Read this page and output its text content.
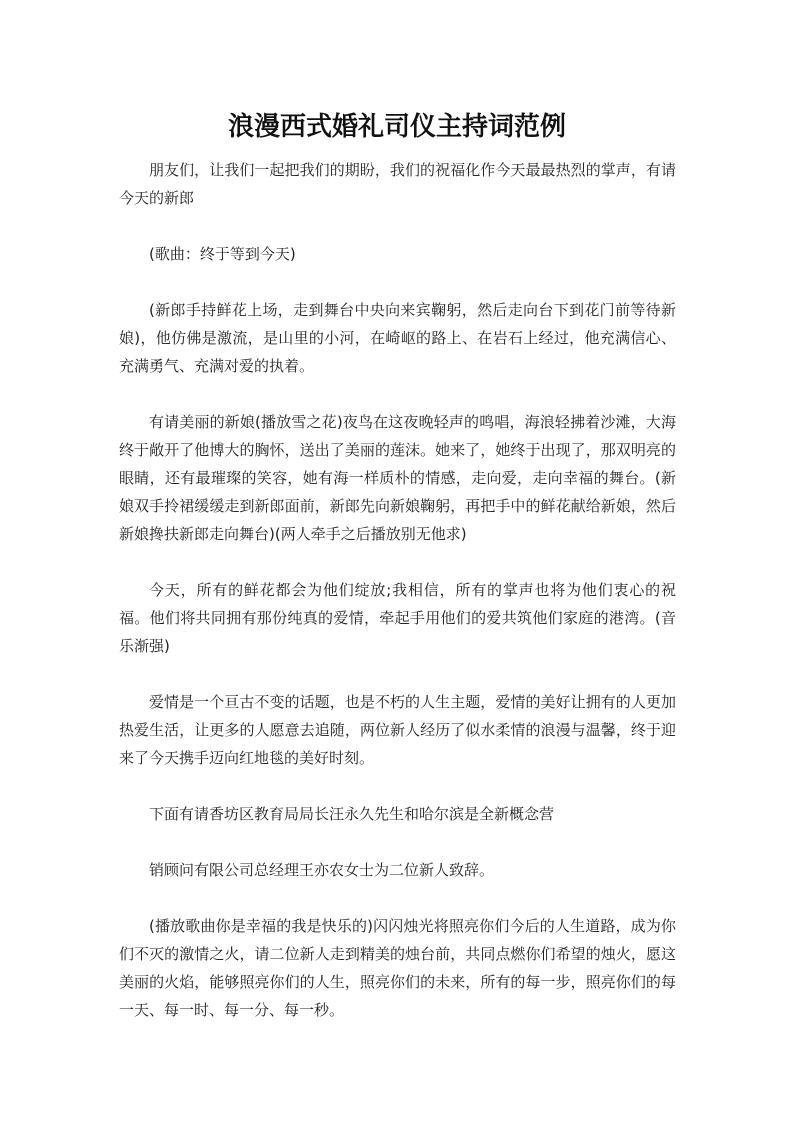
浪漫西式婚礼司仪主持词范例

朋友们，让我们一起把我们的期盼，我们的祝福化作今天最最热烈的掌声，有请今天的新郎

(歌曲：终于等到今天)

(新郎手持鲜花上场，走到舞台中央向来宾鞠躬，然后走向台下到花门前等待新娘)，他仿佛是激流，是山里的小河，在崎岖的路上、在岩石上经过，他充满信心、充满勇气、充满对爱的执着。

有请美丽的新娘(播放雪之花)夜鸟在这夜晚轻声的鸣唱，海浪轻拂着沙滩，大海终于敞开了他博大的胸怀，送出了美丽的莲沫。她来了，她终于出现了，那双明亮的眼睛，还有最璀璨的笑容，她有海一样质朴的情感，走向爱，走向幸福的舞台。(新娘双手拎裙缓缓走到新郎面前，新郎先向新娘鞠躬，再把手中的鲜花献给新娘，然后新娘搀扶新郎走向舞台)(两人牵手之后播放别无他求)

今天，所有的鲜花都会为他们绽放;我相信，所有的掌声也将为他们衷心的祝福。他们将共同拥有那份纯真的爱情，牵起手用他们的爱共筑他们家庭的港湾。(音乐渐强)

爱情是一个亘古不变的话题，也是不朽的人生主题，爱情的美好让拥有的人更加热爱生活，让更多的人愿意去追随，两位新人经历了似水柔情的浪漫与温馨，终于迎来了今天携手迈向红地毯的美好时刻。

下面有请香坊区教育局局长汪永久先生和哈尔滨是全新概念营

销顾问有限公司总经理王亦农女士为二位新人致辞。

(播放歌曲你是幸福的我是快乐的)闪闪烛光将照亮你们今后的人生道路，成为你们不灭的激情之火，请二位新人走到精美的烛台前，共同点燃你们希望的烛火，愿这美丽的火焰，能够照亮你们的人生，照亮你们的未来，所有的每一步，照亮你们的每一天、每一时、每一分、每一秒。
